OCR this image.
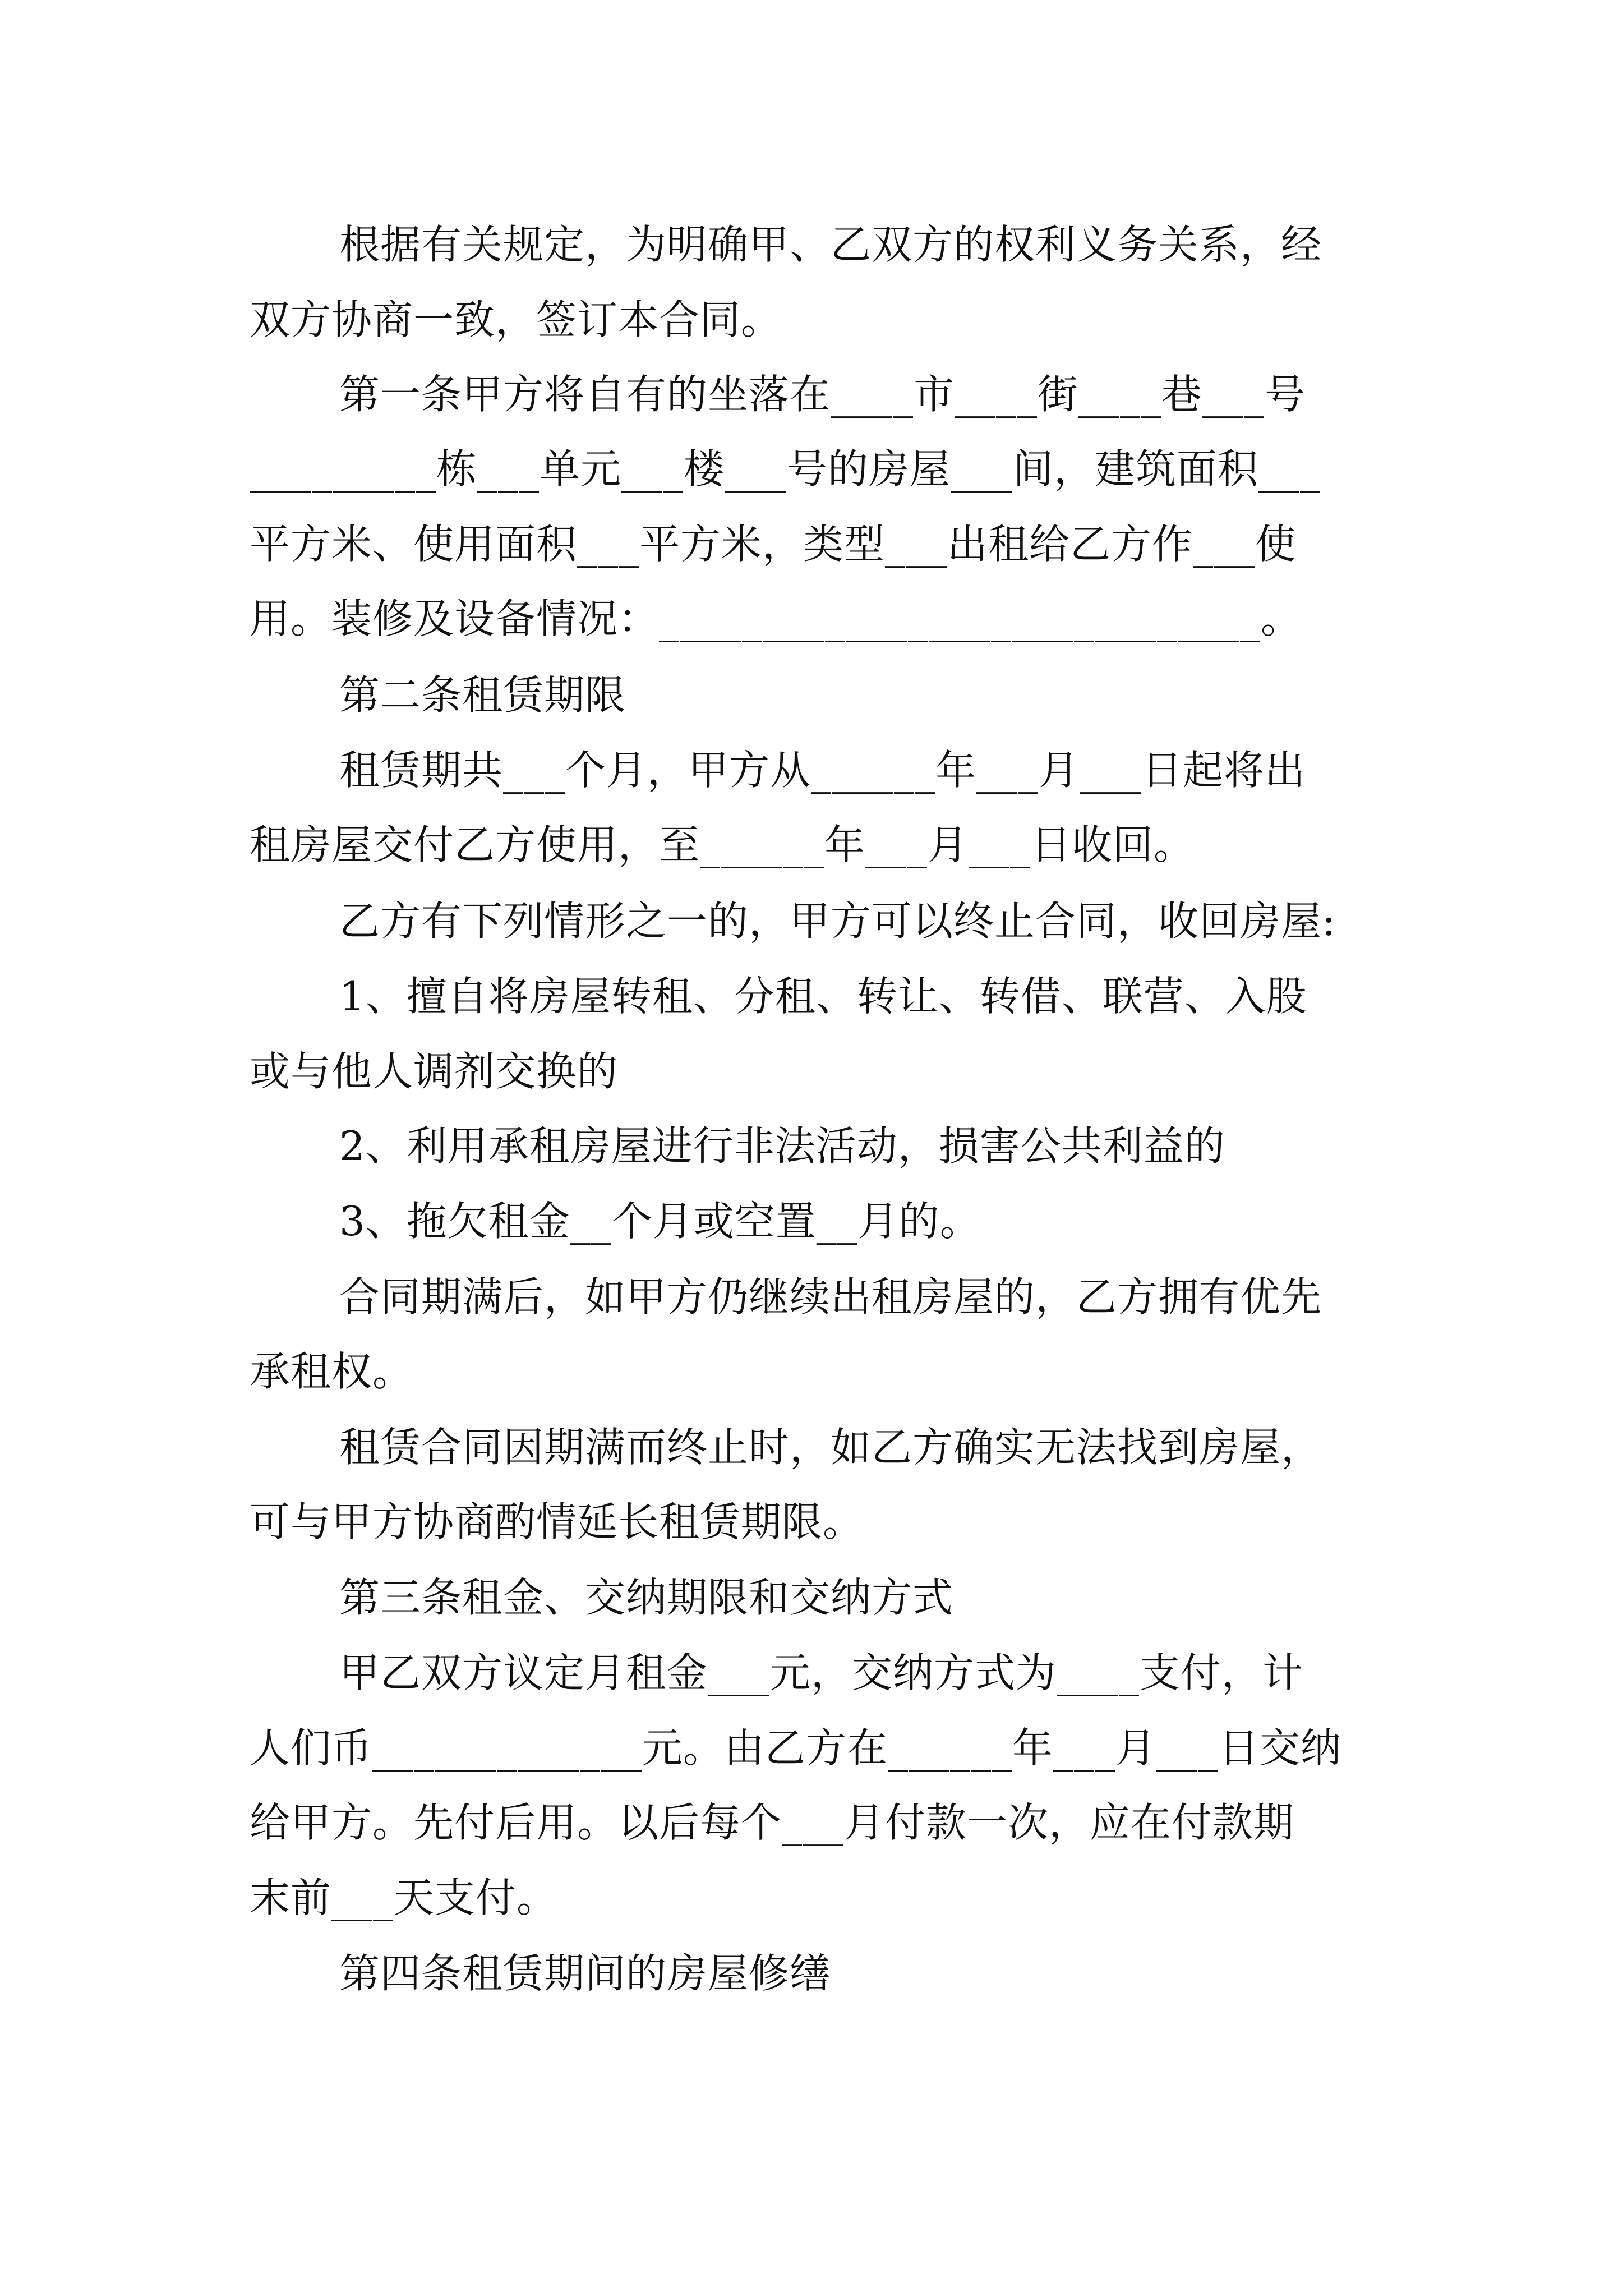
根据有关规定，为明确甲、乙双方的权利义务关系，经

双方协商一致，签订本合同。

第一条甲方将自有的坐落在____市____街____巷___号

_________栋___单元___楼___号的房屋___间，建筑面积___

平方米、使用面积___平方米，类型___出租给乙方作___使

用。装修及设备情况：_____________________________。

第二条租赁期限

租赁期共___个月，甲方从______年___月___日起将出

租房屋交付乙方使用，至______年___月___日收回。

乙方有下列情形之一的，甲方可以终止合同，收回房屋:

1、擅自将房屋转租、分租、转让、转借、联营、入股

或与他人调剂交换的

2、利用承租房屋进行非法活动，损害公共利益的

3、拖欠租金__个月或空置__月的。

合同期满后，如甲方仍继续出租房屋的，乙方拥有优先

承租权。

租赁合同因期满而终止时，如乙方确实无法找到房屋，

可与甲方协商酌情延长租赁期限。

第三条租金、交纳期限和交纳方式

甲乙双方议定月租金___元，交纳方式为____支付，计

人们币_____________元。由乙方在______年___月___日交纳

给甲方。先付后用。以后每个___月付款一次，应在付款期

末前___天支付。

第四条租赁期间的房屋修缮
